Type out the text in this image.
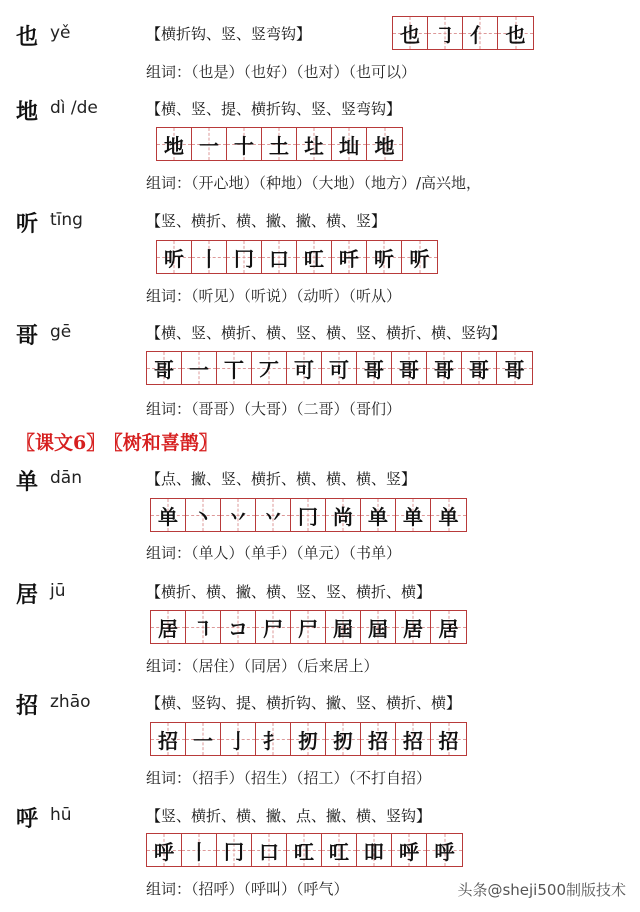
也 yě	【横折钩、竖、竖弯钩】	也 ㇆ ⺅ 也
组词：（也是）（也好）（也对）（也可以）
地 dì /de	【横、竖、提、横折钩、竖、竖弯钩】
地 一 十 土 圵 圸 地
组词：（开心地）（种地）（大地）（地方）/高兴地，
听 tīng	【竖、横折、横、撇、撇、横、竖】
听 丨 冂 口 叿 吀 听 听
组词：（听见）（听说）（动听）（听从）
哥 gē	【横、竖、横折、横、竖、横、竖、横折、横、竖钩】
哥 一 丅 丆 可 可 哥 哥 哥 哥 哥
组词：（哥哥）（大哥）（二哥）（哥们）
〖课文6〗 〖树和喜鹊〗
单 dān	【点、撇、竖、横折、横、横、横、竖】
单 丶 丷 丷 冂 尚 单 单 单
组词：（单人）（单手）（单元）（书单）
居 jū	【横折、横、撇、横、竖、竖、横折、横】
居 ㇕ コ 尸 尸 屆 屆 居 居
组词：（居住）（同居）（后来居上）
招 zhāo	【横、竖钩、提、横折钩、撇、竖、横折、横】
招 一 亅 扌 扨 扨 招 招 招
组词：（招手）（招生）（招工）（不打自招）
呼 hū	【竖、横折、横、撇、点、撇、横、竖钩】
呼 丨 冂 口 叿 叿 吅 呼 呼
组词：（招呼）（呼叫）（呼气）	头条@sheji500制版技术
